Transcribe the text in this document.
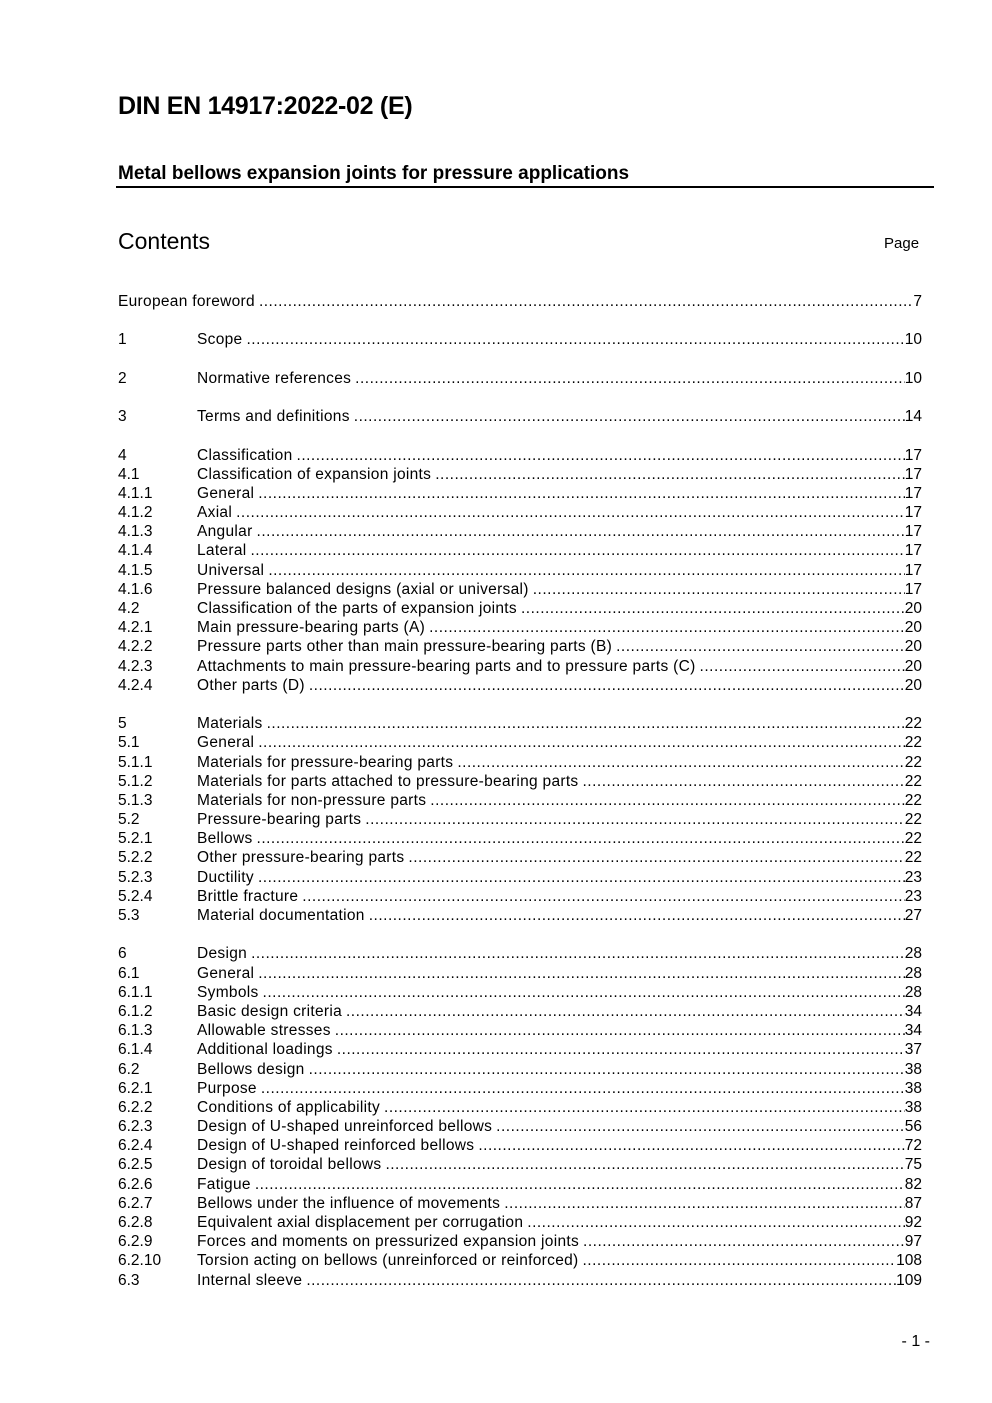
DIN EN 14917:2022-02 (E)
Metal bellows expansion joints for pressure applications
Contents	Page
European foreword .....	7
1	Scope .....	10
2	Normative references .....	10
3	Terms and definitions .....	14
4	Classification .....	17
4.1	Classification of expansion joints .....	17
4.1.1	General .....	17
4.1.2	Axial .....	17
4.1.3	Angular .....	17
4.1.4	Lateral .....	17
4.1.5	Universal .....	17
4.1.6	Pressure balanced designs (axial or universal) .....	17
4.2	Classification of the parts of expansion joints .....	20
4.2.1	Main pressure-bearing parts (A) .....	20
4.2.2	Pressure parts other than main pressure-bearing parts (B) .....	20
4.2.3	Attachments to main pressure-bearing parts and to pressure parts (C) .....	20
4.2.4	Other parts (D) .....	20
5	Materials .....	22
5.1	General .....	22
5.1.1	Materials for pressure-bearing parts .....	22
5.1.2	Materials for parts attached to pressure-bearing parts .....	22
5.1.3	Materials for non-pressure parts .....	22
5.2	Pressure-bearing parts .....	22
5.2.1	Bellows .....	22
5.2.2	Other pressure-bearing parts .....	22
5.2.3	Ductility .....	23
5.2.4	Brittle fracture .....	23
5.3	Material documentation .....	27
6	Design .....	28
6.1	General .....	28
6.1.1	Symbols .....	28
6.1.2	Basic design criteria .....	34
6.1.3	Allowable stresses .....	34
6.1.4	Additional loadings .....	37
6.2	Bellows design .....	38
6.2.1	Purpose .....	38
6.2.2	Conditions of applicability .....	38
6.2.3	Design of U-shaped unreinforced bellows .....	56
6.2.4	Design of U-shaped reinforced bellows .....	72
6.2.5	Design of toroidal bellows .....	75
6.2.6	Fatigue .....	82
6.2.7	Bellows under the influence of movements .....	87
6.2.8	Equivalent axial displacement per corrugation .....	92
6.2.9	Forces and moments on pressurized expansion joints .....	97
6.2.10	Torsion acting on bellows (unreinforced or reinforced) .....	108
6.3	Internal sleeve .....	109
- 1 -
